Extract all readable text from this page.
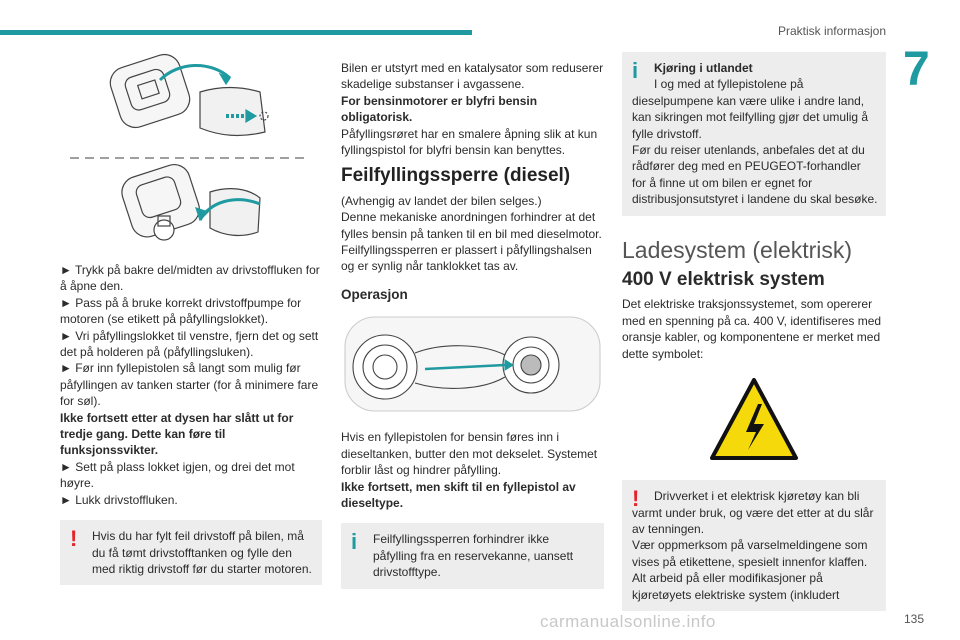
Praktisk informasjon
7
► Trykk på bakre del/midten av drivstoffluken for å åpne den.
► Pass på å bruke korrekt drivstoffpumpe for motoren (se etikett på påfyllingslokket).
► Vri påfyllingslokket til venstre, fjern det og sett det på holderen på (påfyllingsluken).
► Før inn fyllepistolen så langt som mulig før påfyllingen av tanken starter (for å minimere fare for søl).
Ikke fortsett etter at dysen har slått ut for tredje gang. Dette kan føre til funksjonssvikter.
► Sett på plass lokket igjen, og drei det mot høyre.
► Lukk drivstoffluken.
!	Hvis du har fylt feil drivstoff på bilen, må du få tømt drivstofftanken og fylle den med riktig drivstoff før du starter motoren.

Bilen er utstyrt med en katalysator som reduserer skadelige substanser i avgassene.

For bensinmotorer er blyfri bensin obligatorisk.

Påfyllingsrøret har en smalere åpning slik at kun fyllingspistol for blyfri bensin kan benyttes.

Feilfyllingssperre (diesel)

(Avhengig av landet der bilen selges.)

Denne mekaniske anordningen forhindrer at det fylles bensin på tanken til en bil med dieselmotor.

Feilfyllingssperren er plassert i påfyllingshalsen og er synlig når tanklokket tas av.

Operasjon

Hvis en fyllepistolen for bensin føres inn i dieseltanken, butter den mot dekselet. Systemet forblir låst og hindrer påfylling.

Ikke fortsett, men skift til en fyllepistol av dieseltype.

i	Feilfyllingssperren forhindrer ikke påfylling fra en reservekanne, uansett drivstofftype.

i	Kjøring i utlandet

I og med at fyllepistolene på

dieselpumpene kan være ulike i andre land, kan sikringen mot feilfylling gjør det umulig å fylle drivstoff.

Før du reiser utenlands, anbefales det at du rådfører deg med en PEUGEOT-forhandler for å finne ut om bilen er egnet for distribusjonsutstyret i landene du skal besøke.

Ladesystem (elektrisk)
400 V elektrisk system

Det elektriske traksjonssystemet, som opererer med en spenning på ca. 400 V, identifiseres med oransje kabler, og komponentene er merket med dette symbolet:

!	Drivverket i et elektrisk kjøretøy kan bli

varmt under bruk, og være det etter at du slår av tenningen.

Vær oppmerksom på varselmeldingene som vises på etikettene, spesielt innenfor klaffen.

Alt arbeid på eller modifikasjoner på kjøretøyets elektriske system (inkludert

carmanualsonline.info	135
